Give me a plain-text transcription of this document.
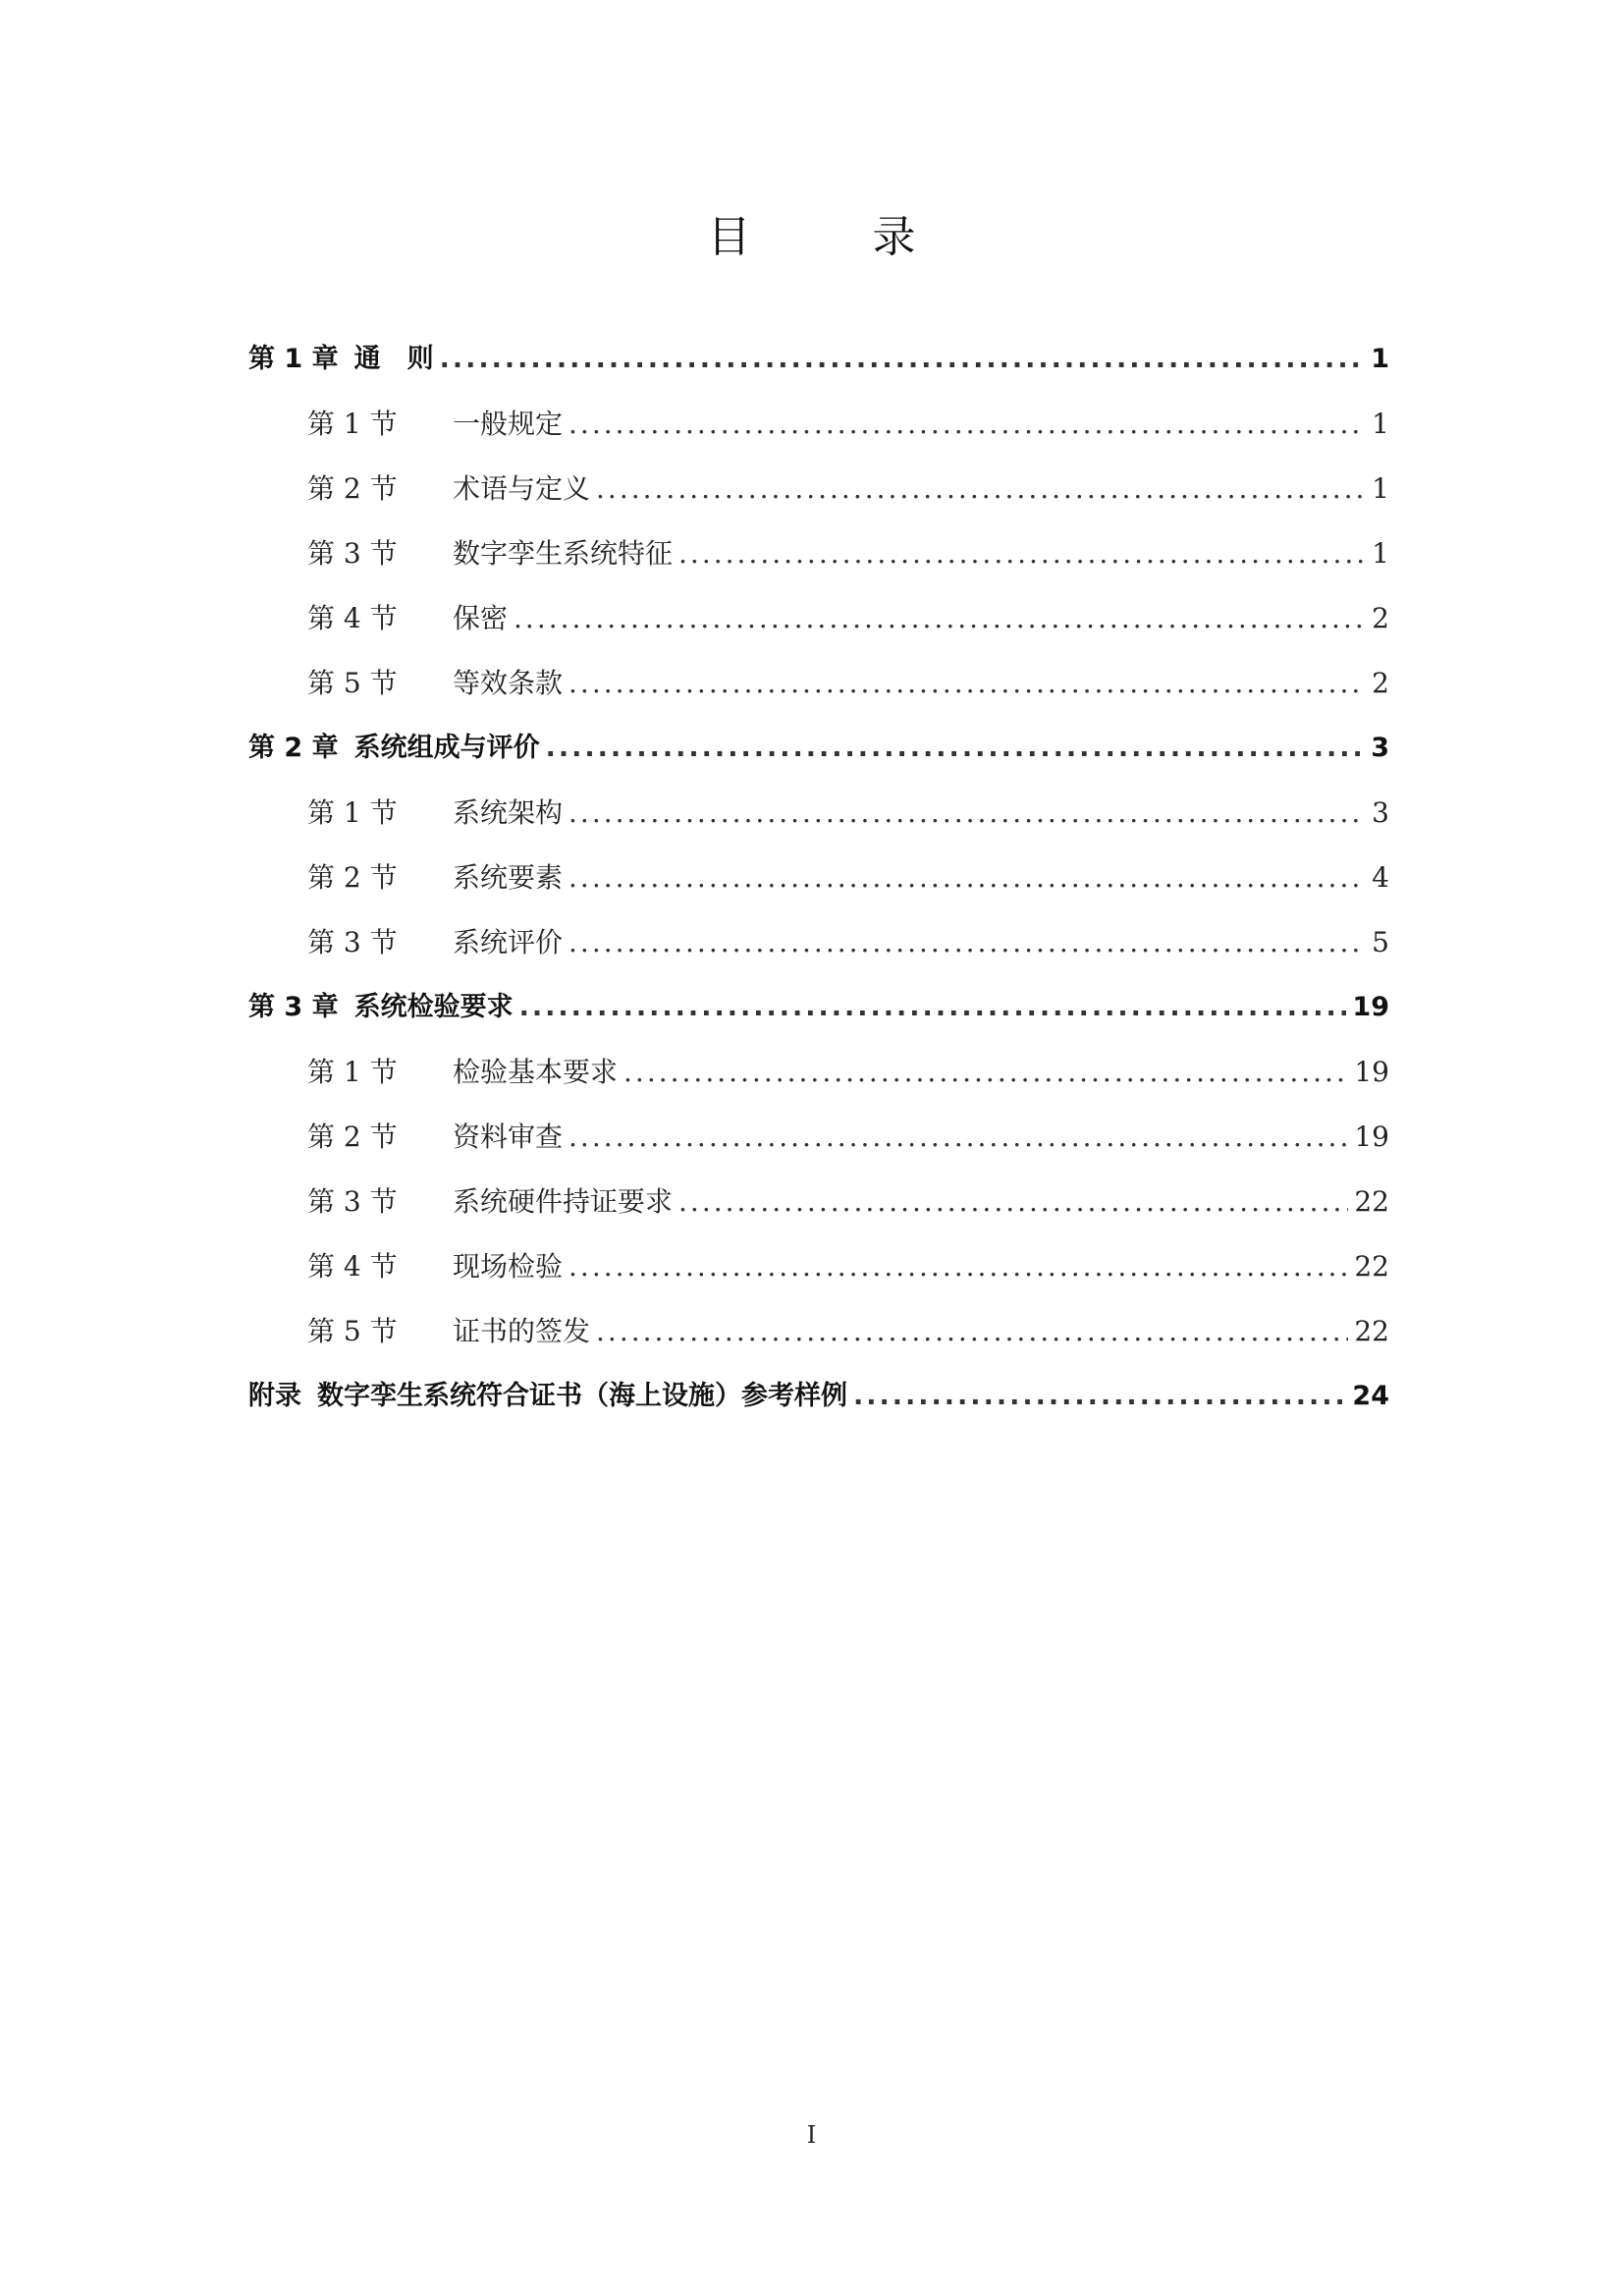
目　录
第 1 章 通　则 .....	1
第 1 节	一般规定 .....	1
第 2 节	术语与定义 .....	1
第 3 节	数字孪生系统特征 .....	1
第 4 节	保密 .....	2
第 5 节	等效条款 .....	2
第 2 章 系统组成与评价 .....	3
第 1 节	系统架构 .....	3
第 2 节	系统要素 .....	4
第 3 节	系统评价 .....	5
第 3 章 系统检验要求 .....	19
第 1 节	检验基本要求 .....	19
第 2 节	资料审查 .....	19
第 3 节	系统硬件持证要求 .....	22
第 4 节	现场检验 .....	22
第 5 节	证书的签发 .....	22
附录 数字孪生系统符合证书（海上设施）参考样例 .....	24
I
